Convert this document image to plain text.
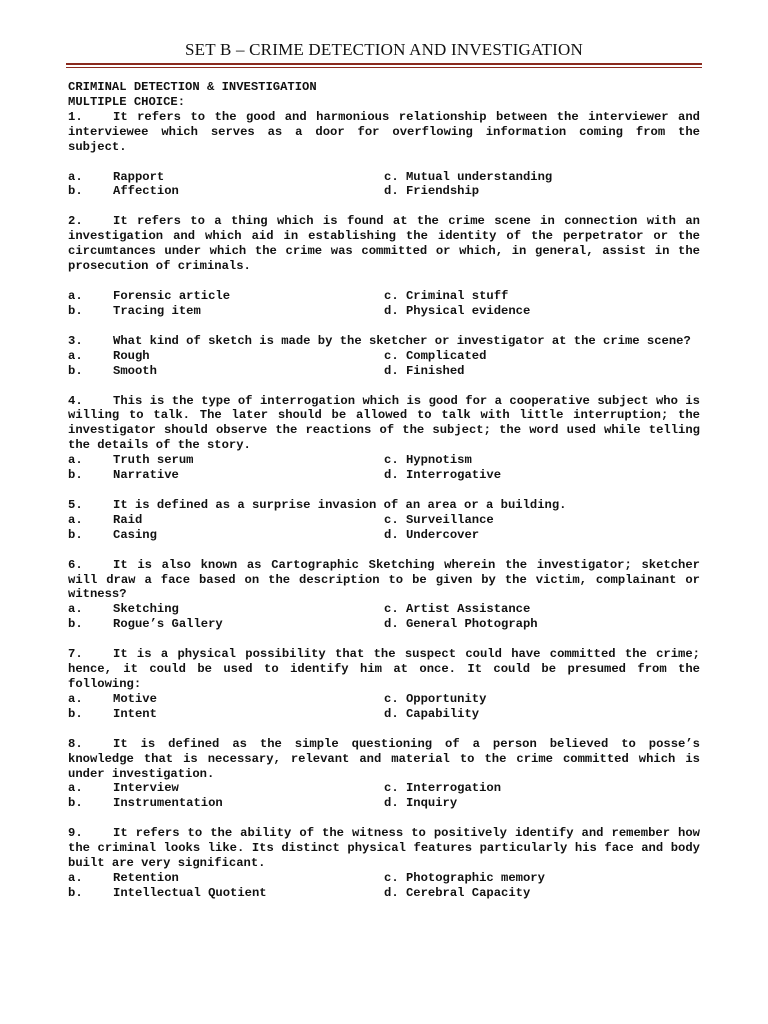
SET B – CRIME DETECTION AND INVESTIGATION
CRIMINAL DETECTION & INVESTIGATION
MULTIPLE CHOICE:

1. It refers to the good and harmonious relationship between the interviewer and interviewee which serves as a door for overflowing information coming from the subject.

a. Rapport	c. Mutual understanding
b. Affection	d. Friendship

2. It refers to a thing which is found at the crime scene in connection with an investigation and which aid in establishing the identity of the perpetrator or the circumtances under which the crime was committed or which, in general, assist in the prosecution of criminals.

a. Forensic article	c. Criminal stuff
b. Tracing item	d. Physical evidence

3. What kind of sketch is made by the sketcher or investigator at the crime scene?

a. Rough	c. Complicated
b. Smooth	d. Finished

4. This is the type of interrogation which is good for a cooperative subject who is willing to talk. The later should be allowed to talk with little interruption; the investigator should observe the reactions of the subject; the word used while telling the details of the story.

a. Truth serum	c. Hypnotism
b. Narrative	d. Interrogative

5. It is defined as a surprise invasion of an area or a building.

a. Raid	c. Surveillance
b. Casing	d. Undercover

6. It is also known as Cartographic Sketching wherein the investigator; sketcher will draw a face based on the description to be given by the victim, complainant or witness?

a. Sketching	c. Artist Assistance
b. Rogue’s Gallery	d. General Photograph

7. It is a physical possibility that the suspect could have committed the crime; hence, it could be used to identify him at once. It could be presumed from the following:

a. Motive	c. Opportunity
b. Intent	d. Capability

8. It is defined as the simple questioning of a person believed to posse’s knowledge that is necessary, relevant and material to the crime committed which is under investigation.

a. Interview	c. Interrogation
b. Instrumentation	d. Inquiry

9. It refers to the ability of the witness to positively identify and remember how the criminal looks like. Its distinct physical features particularly his face and body built are very significant.

a. Retention	c. Photographic memory
b. Intellectual Quotient	d. Cerebral Capacity
